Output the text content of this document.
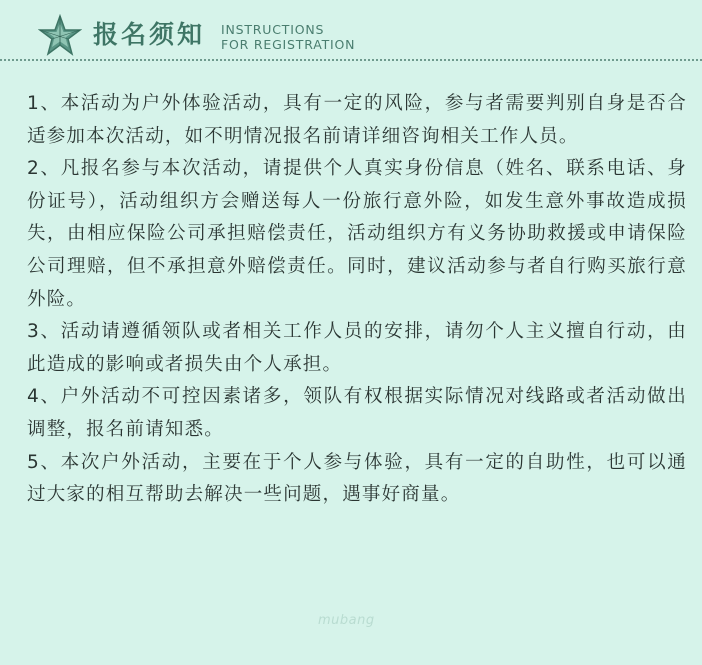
报名须知 INSTRUCTIONS
FOR REGISTRATION

1、本活动为户外体验活动，具有一定的风险，参与者需要判别自身是否合适参加本次活动，如不明情况报名前请详细咨询相关工作人员。

2、凡报名参与本次活动，请提供个人真实身份信息（姓名、联系电话、身份证号），活动组织方会赠送每人一份旅行意外险，如发生意外事故造成损失，由相应保险公司承担赔偿责任，活动组织方有义务协助救援或申请保险公司理赔，但不承担意外赔偿责任。同时，建议活动参与者自行购买旅行意外险。

3、活动请遵循领队或者相关工作人员的安排，请勿个人主义擅自行动，由此造成的影响或者损失由个人承担。

4、户外活动不可控因素诸多，领队有权根据实际情况对线路或者活动做出调整，报名前请知悉。

5、本次户外活动，主要在于个人参与体验，具有一定的自助性，也可以通过大家的相互帮助去解决一些问题，遇事好商量。

mubang
